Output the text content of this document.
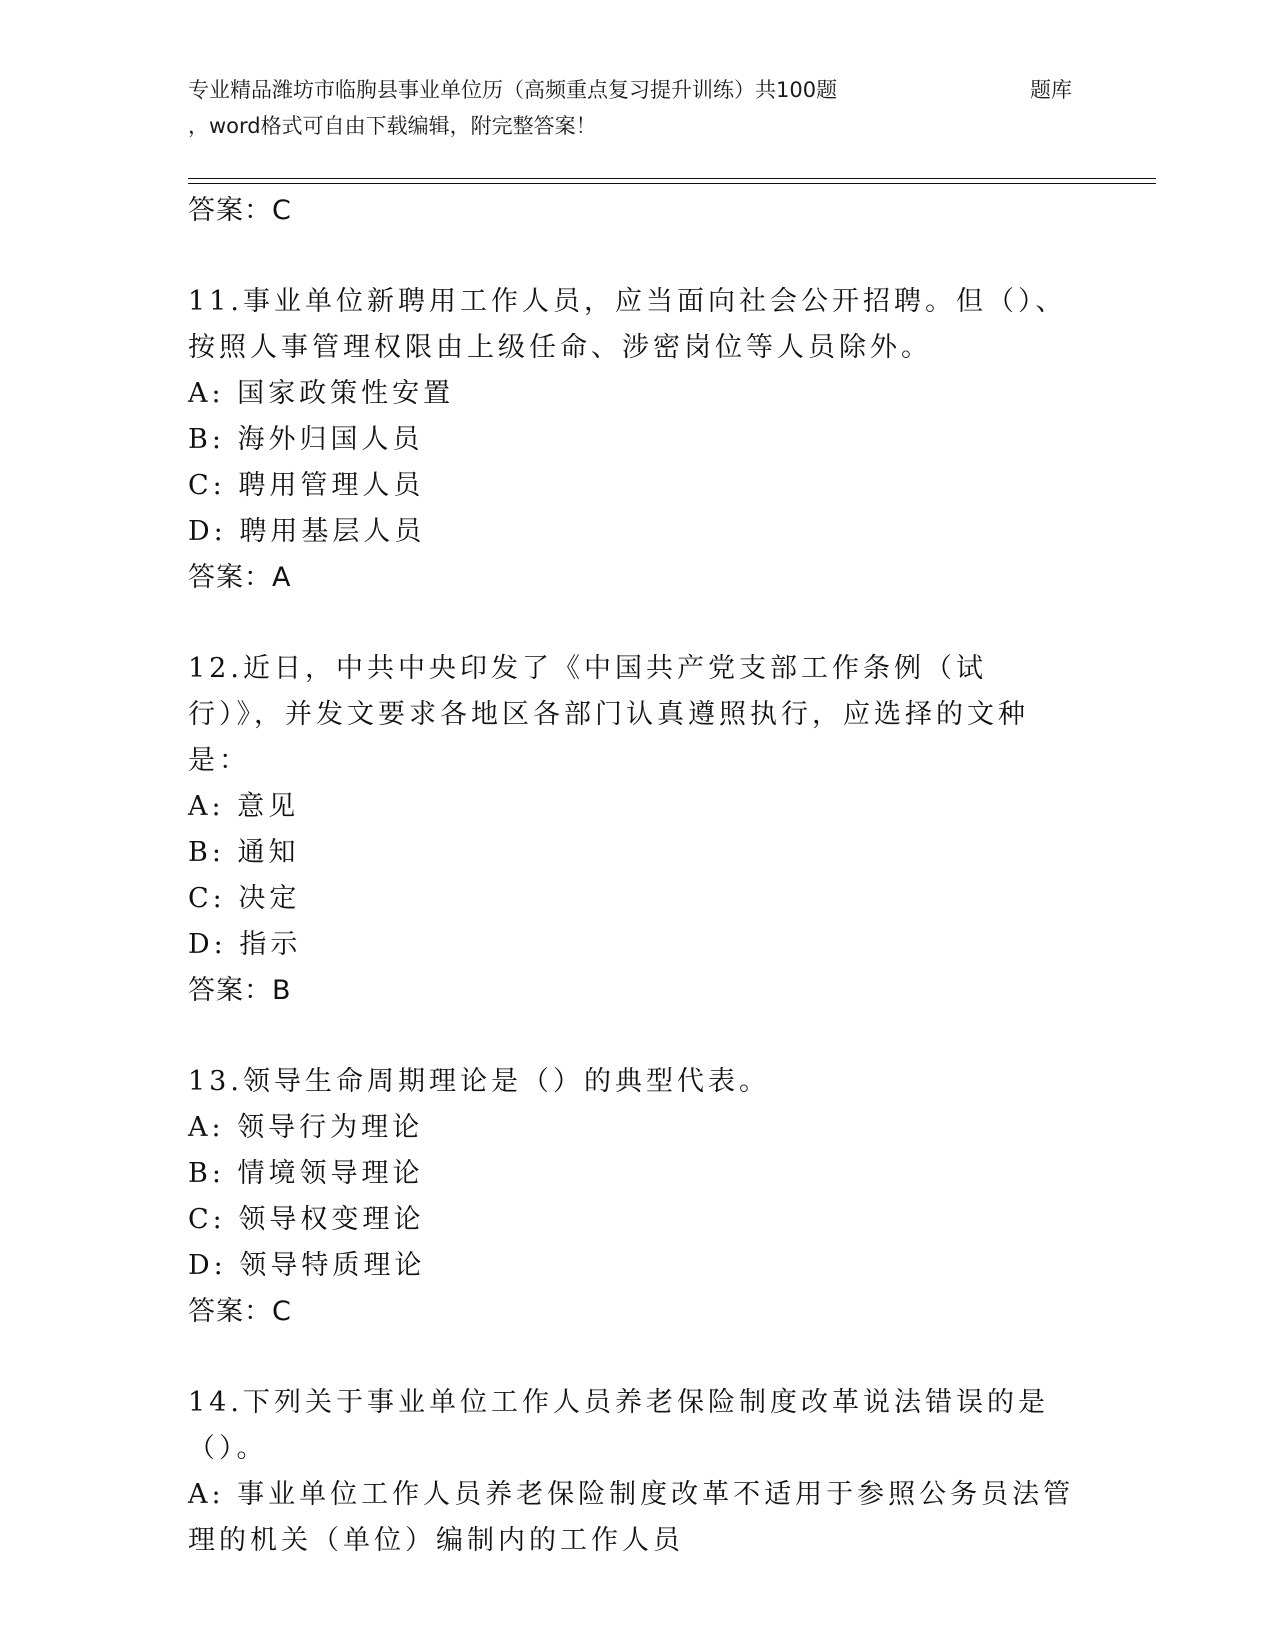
专业精品潍坊市临朐县事业单位历（高频重点复习提升训练）共100题	题库
，word格式可自由下载编辑，附完整答案！
答案：C
11.事业单位新聘用工作人员，应当面向社会公开招聘。但（）、按照人事管理权限由上级任命、涉密岗位等人员除外。
A: 国家政策性安置
B: 海外归国人员
C: 聘用管理人员
D: 聘用基层人员
答案：A
12.近日，中共中央印发了《中国共产党支部工作条例（试行）》，并发文要求各地区各部门认真遵照执行，应选择的文种是：
A: 意见
B: 通知
C: 决定
D: 指示
答案：B
13.领导生命周期理论是（）的典型代表。
A: 领导行为理论
B: 情境领导理论
C: 领导权变理论
D: 领导特质理论
答案：C
14.下列关于事业单位工作人员养老保险制度改革说法错误的是（）。
A: 事业单位工作人员养老保险制度改革不适用于参照公务员法管理的机关（单位）编制内的工作人员
